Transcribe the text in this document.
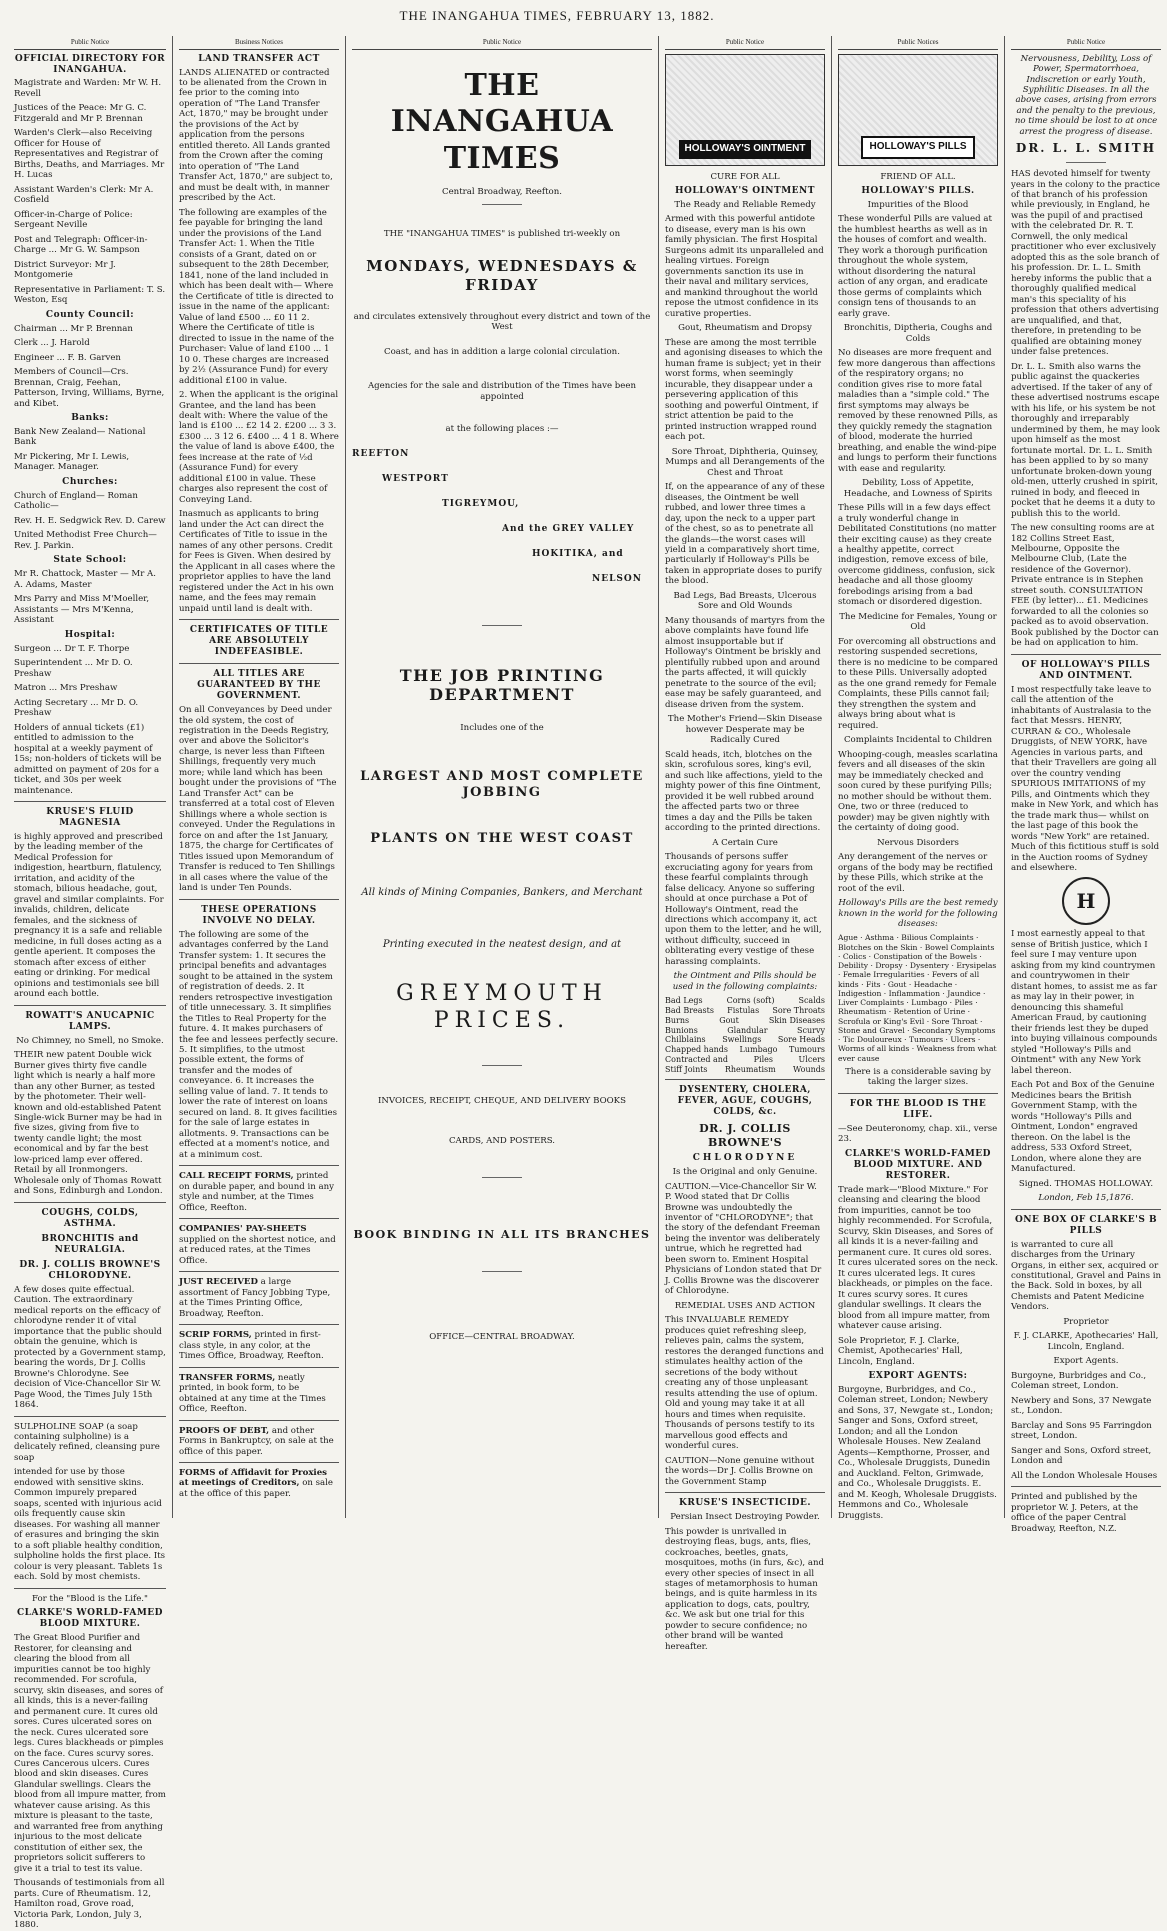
THE INANGAHUA TIMES, FEBRUARY 13, 1882.
Public Notice
OFFICIAL DIRECTORY FOR INANGAHUA.

Magistrate and Warden: Mr W. H. Revell

Justices of the Peace: Mr G. C. Fitzgerald and Mr P. Brennan

Warden's Clerk—also Receiving Officer for House of Representatives and Registrar of Births, Deaths, and Marriages. Mr H. Lucas

Assistant Warden's Clerk: Mr A. Cosfield

Officer-in-Charge of Police: Sergeant Neville

Post and Telegraph: Officer-in-Charge ... Mr G. W. Sampson

District Surveyor: Mr J. Montgomerie

Representative in Parliament: T. S. Weston, Esq

County Council:

Chairman ... Mr P. Brennan

Clerk ... J. Harold

Engineer ... F. B. Garven

Members of Council—Crs. Brennan, Craig, Feehan, Patterson, Irving, Williams, Byrne, and Kibet.

Banks:

Bank New Zealand— National Bank

Mr Pickering, Mr I. Lewis, Manager. Manager.

Churches:

Church of England— Roman Catholic—

Rev. H. E. Sedgwick Rev. D. Carew

United Methodist Free Church— Rev. J. Parkin.

State School:

Mr R. Chattock, Master — Mr A. A. Adams, Master

Mrs Parry and Miss M'Moeller, Assistants — Mrs M'Kenna, Assistant

Hospital:

Surgeon ... Dr T. F. Thorpe

Superintendent ... Mr D. O. Preshaw

Matron ... Mrs Preshaw

Acting Secretary ... Mr D. O. Preshaw

Holders of annual tickets (£1) entitled to admission to the hospital at a weekly payment of 15s; non-holders of tickets will be admitted on payment of 20s for a ticket, and 30s per week maintenance.

KRUSE'S FLUID MAGNESIA

is highly approved and prescribed by the leading member of the Medical Profession for indigestion, heartburn, flatulency, irritation, and acidity of the stomach, bilious headache, gout, gravel and similar complaints. For invalids, children, delicate females, and the sickness of pregnancy it is a safe and reliable medicine, in full doses acting as a gentle aperient. It composes the stomach after excess of either eating or drinking. For medical opinions and testimonials see bill around each bottle.

ROWATT'S ANUCAPNIC LAMPS.

No Chimney, no Smell, no Smoke.

THEIR new patent Double wick Burner gives thirty five candle light which is nearly a half more than any other Burner, as tested by the photometer. Their well-known and old-established Patent Single-wick Burner may be had in five sizes, giving from five to twenty candle light; the most economical and by far the best low-priced lamp ever offered. Retail by all Ironmongers. Wholesale only of Thomas Rowatt and Sons, Edinburgh and London.

COUGHS, COLDS, ASTHMA.
BRONCHITIS and NEURALGIA.
DR. J. COLLIS BROWNE'S CHLORODYNE.

A few doses quite effectual. Caution. The extraordinary medical reports on the efficacy of chlorodyne render it of vital importance that the public should obtain the genuine, which is protected by a Government stamp, bearing the words, Dr J. Collis Browne's Chlorodyne. See decision of Vice-Chancellor Sir W. Page Wood, the Times July 15th 1864.

SULPHOLINE SOAP (a soap containing sulpholine) is a delicately refined, cleansing pure soap

intended for use by those endowed with sensitive skins. Common impurely prepared soaps, scented with injurious acid oils frequently cause skin diseases. For washing all manner of erasures and bringing the skin to a soft pliable healthy condition, sulpholine holds the first place. Its colour is very pleasant. Tablets 1s each. Sold by most chemists.

For the "Blood is the Life."

CLARKE'S WORLD-FAMED BLOOD MIXTURE.

The Great Blood Purifier and Restorer, for cleansing and clearing the blood from all impurities cannot be too highly recommended. For scrofula, scurvy, skin diseases, and sores of all kinds, this is a never-failing and permanent cure. It cures old sores. Cures ulcerated sores on the neck. Cures ulcerated sore legs. Cures blackheads or pimples on the face. Cures scurvy sores. Cures Cancerous ulcers. Cures blood and skin diseases. Cures Glandular swellings. Clears the blood from all impure matter, from whatever cause arising. As this mixture is pleasant to the taste, and warranted free from anything injurious to the most delicate constitution of either sex, the proprietors solicit sufferers to give it a trial to test its value.

Thousands of testimonials from all parts. Cure of Rheumatism. 12, Hamilton road, Grove road, Victoria Park, London, July 3, 1880.

Business Notices
LAND TRANSFER ACT

LANDS ALIENATED or contracted to be alienated from the Crown in fee prior to the coming into operation of "The Land Transfer Act, 1870," may be brought under the provisions of the Act by application from the persons entitled thereto. All Lands granted from the Crown after the coming into operation of "The Land Transfer Act, 1870," are subject to, and must be dealt with, in manner prescribed by the Act.

The following are examples of the fee payable for bringing the land under the provisions of the Land Transfer Act: 1. When the Title consists of a Grant, dated on or subsequent to the 28th December, 1841, none of the land included in which has been dealt with— Where the Certificate of title is directed to issue in the name of the applicant: Value of land £500 ... £0 11 2. Where the Certificate of title is directed to issue in the name of the Purchaser: Value of land £100 ... 1 10 0. These charges are increased by 2½ (Assurance Fund) for every additional £100 in value.

2. When the applicant is the original Grantee, and the land has been dealt with: Where the value of the land is £100 ... £2 14 2. £200 ... 3 3. £300 ... 3 12 6. £400 ... 4 1 8. Where the value of land is above £400, the fees increase at the rate of ½d (Assurance Fund) for every additional £100 in value. These charges also represent the cost of Conveying Land.

Inasmuch as applicants to bring land under the Act can direct the Certificates of Title to issue in the names of any other persons. Credit for Fees is Given. When desired by the Applicant in all cases where the proprietor applies to have the land registered under the Act in his own name, and the fees may remain unpaid until land is dealt with.

CERTIFICATES OF TITLE ARE ABSOLUTELY INDEFEASIBLE.
ALL TITLES ARE GUARANTEED BY THE GOVERNMENT.

On all Conveyances by Deed under the old system, the cost of registration in the Deeds Registry, over and above the Solicitor's charge, is never less than Fifteen Shillings, frequently very much more; while land which has been bought under the provisions of "The Land Transfer Act" can be transferred at a total cost of Eleven Shillings where a whole section is conveyed. Under the Regulations in force on and after the 1st January, 1875, the charge for Certificates of Titles issued upon Memorandum of Transfer is reduced to Ten Shillings in all cases where the value of the land is under Ten Pounds.

THESE OPERATIONS INVOLVE NO DELAY.

The following are some of the advantages conferred by the Land Transfer system: 1. It secures the principal benefits and advantages sought to be attained in the system of registration of deeds. 2. It renders retrospective investigation of title unnecessary. 3. It simplifies the Titles to Real Property for the future. 4. It makes purchasers of the fee and lessees perfectly secure. 5. It simplifies, to the utmost possible extent, the forms of transfer and the modes of conveyance. 6. It increases the selling value of land. 7. It tends to lower the rate of interest on loans secured on land. 8. It gives facilities for the sale of large estates in allotments. 9. Transactions can be effected at a moment's notice, and at a minimum cost.

CALL RECEIPT FORMS, printed on durable paper, and bound in any style and number, at the Times Office, Reefton.

COMPANIES' PAY-SHEETS supplied on the shortest notice, and at reduced rates, at the Times Office.

JUST RECEIVED a large assortment of Fancy Jobbing Type, at the Times Printing Office, Broadway, Reefton.

SCRIP FORMS, printed in first-class style, in any color, at the Times Office, Broadway, Reefton.

TRANSFER FORMS, neatly printed, in book form, to be obtained at any time at the Times Office, Reefton.

PROOFS OF DEBT, and other Forms in Bankruptcy, on sale at the office of this paper.

FORMS of Affidavit for Proxies at meetings of Creditors, on sale at the office of this paper.

Public Notice
THE INANGAHUA TIMES

Central Broadway, Reefton.

THE "INANGAHUA TIMES" is published tri-weekly on

MONDAYS, WEDNESDAYS & FRIDAY

and circulates extensively throughout every district and town of the West

Coast, and has in addition a large colonial circulation.

Agencies for the sale and distribution of the Times have been appointed

at the following places :—

REEFTON
WESTPORT
TIGREYMOU,
And the GREY VALLEY
HOKITIKA, and
NELSON
THE JOB PRINTING DEPARTMENT

Includes one of the

LARGEST AND MOST COMPLETE JOBBING
PLANTS ON THE WEST COAST

All kinds of Mining Companies, Bankers, and Merchant

Printing executed in the neatest design, and at

GREYMOUTH PRICES.

INVOICES, RECEIPT, CHEQUE, AND DELIVERY BOOKS

CARDS, AND POSTERS.

BOOK BINDING IN ALL ITS BRANCHES

OFFICE—CENTRAL BROADWAY.

Public Notice
HOLLOWAY'S OINTMENT

CURE FOR ALL

HOLLOWAY'S OINTMENT

The Ready and Reliable Remedy

Armed with this powerful antidote to disease, every man is his own family physician. The first Hospital Surgeons admit its unparalleled and healing virtues. Foreign governments sanction its use in their naval and military services, and mankind throughout the world repose the utmost confidence in its curative properties.

Gout, Rheumatism and Dropsy

These are among the most terrible and agonising diseases to which the human frame is subject; yet in their worst forms, when seemingly incurable, they disappear under a persevering application of this soothing and powerful Ointment, if strict attention be paid to the printed instruction wrapped round each pot.

Sore Throat, Diphtheria, Quinsey, Mumps and all Derangements of the Chest and Throat

If, on the appearance of any of these diseases, the Ointment be well rubbed, and lower three times a day, upon the neck to a upper part of the chest, so as to penetrate all the glands—the worst cases will yield in a comparatively short time, particularly if Holloway's Pills be taken in appropriate doses to purify the blood.

Bad Legs, Bad Breasts, Ulcerous Sore and Old Wounds

Many thousands of martyrs from the above complaints have found life almost insupportable but if Holloway's Ointment be briskly and plentifully rubbed upon and around the parts affected, it will quickly penetrate to the source of the evil; ease may be safely guaranteed, and disease driven from the system.

The Mother's Friend—Skin Disease however Desperate may be Radically Cured

Scald heads, itch, blotches on the skin, scrofulous sores, king's evil, and such like affections, yield to the mighty power of this fine Ointment, provided it be well rubbed around the affected parts two or three times a day and the Pills be taken according to the printed directions.

A Certain Cure

Thousands of persons suffer excruciating agony for years from these fearful complaints through false delicacy. Anyone so suffering should at once purchase a Pot of Holloway's Ointment, read the directions which accompany it, act upon them to the letter, and he will, without difficulty, succeed in obliterating every vestige of these harassing complaints.

the Ointment and Pills should be used in the following complaints:

Bad Legs	Corns (soft)	Scalds
Bad Breasts Fistulas Sore Throats
Burns	Gout	Skin Diseases
Bunions	Glandular	Scurvy
Chilblains Swellings Sore Heads
Chapped hands Lumbago Tumours
Contracted and	Piles	Ulcers
Stiff Joints Rheumatism Wounds
DYSENTERY, CHOLERA, FEVER, AGUE, COUGHS, COLDS, &c.
DR. J. COLLIS BROWNE'S
CHLORODYNE

Is the Original and only Genuine.

CAUTION.—Vice-Chancellor Sir W. P. Wood stated that Dr Collis Browne was undoubtedly the inventor of "CHLORODYNE"; that the story of the defendant Freeman being the inventor was deliberately untrue, which he regretted had been sworn to. Eminent Hospital Physicians of London stated that Dr J. Collis Browne was the discoverer of Chlorodyne.

REMEDIAL USES AND ACTION

This INVALUABLE REMEDY produces quiet refreshing sleep, relieves pain, calms the system, restores the deranged functions and stimulates healthy action of the secretions of the body without creating any of those unpleasant results attending the use of opium. Old and young may take it at all hours and times when requisite. Thousands of persons testify to its marvellous good effects and wonderful cures.

CAUTION—None genuine without the words—Dr J. Collis Browne on the Government Stamp

KRUSE'S INSECTICIDE.

Persian Insect Destroying Powder.

This powder is unrivalled in destroying fleas, bugs, ants, flies, cockroaches, beetles, gnats, mosquitoes, moths (in furs, &c), and every other species of insect in all stages of metamorphosis to human beings, and is quite harmless in its application to dogs, cats, poultry, &c. We ask but one trial for this powder to secure confidence; no other brand will be wanted hereafter.

Public Notices
HOLLOWAY'S PILLS

FRIEND OF ALL.

HOLLOWAY'S PILLS.

Impurities of the Blood

These wonderful Pills are valued at the humblest hearths as well as in the houses of comfort and wealth. They work a thorough purification throughout the whole system, without disordering the natural action of any organ, and eradicate those germs of complaints which consign tens of thousands to an early grave.

Bronchitis, Diptheria, Coughs and Colds

No diseases are more frequent and few more dangerous than affections of the respiratory organs; no condition gives rise to more fatal maladies than a "simple cold." The first symptoms may always be removed by these renowned Pills, as they quickly remedy the stagnation of blood, moderate the hurried breathing, and enable the wind-pipe and lungs to perform their functions with ease and regularity.

Debility, Loss of Appetite, Headache, and Lowness of Spirits

These Pills will in a few days effect a truly wonderful change in Debilitated Constitutions (no matter their exciting cause) as they create a healthy appetite, correct indigestion, remove excess of bile, overcome giddiness, confusion, sick headache and all those gloomy forebodings arising from a bad stomach or disordered digestion.

The Medicine for Females, Young or Old

For overcoming all obstructions and restoring suspended secretions, there is no medicine to be compared to these Pills. Universally adopted as the one grand remedy for Female Complaints, these Pills cannot fail; they strengthen the system and always bring about what is required.

Complaints Incidental to Children

Whooping-cough, measles scarlatina fevers and all diseases of the skin may be immediately checked and soon cured by these purifying Pills; no mother should be without them. One, two or three (reduced to powder) may be given nightly with the certainty of doing good.

Nervous Disorders

Any derangement of the nerves or organs of the body may be rectified by these Pills, which strike at the root of the evil.

Holloway's Pills are the best remedy known in the world for the following diseases:

Ague · Asthma · Bilious Complaints · Blotches on the Skin · Bowel Complaints · Colics · Constipation of the Bowels · Debility · Dropsy · Dysentery · Erysipelas · Female Irregularities · Fevers of all kinds · Fits · Gout · Headache · Indigestion · Inflammation · Jaundice · Liver Complaints · Lumbago · Piles · Rheumatism · Retention of Urine · Scrofula or King's Evil · Sore Throat · Stone and Gravel · Secondary Symptoms · Tic Douloureux · Tumours · Ulcers · Worms of all kinds · Weakness from what ever cause

There is a considerable saving by taking the larger sizes.

FOR THE BLOOD IS THE LIFE.

—See Deuteronomy, chap. xii., verse 23.

CLARKE'S WORLD-FAMED BLOOD MIXTURE. AND RESTORER.

Trade mark—"Blood Mixture." For cleansing and clearing the blood from impurities, cannot be too highly recommended. For Scrofula, Scurvy, Skin Diseases, and Sores of all kinds it is a never-failing and permanent cure. It cures old sores. It cures ulcerated sores on the neck. It cures ulcerated legs. It cures blackheads, or pimples on the face. It cures scurvy sores. It cures glandular swellings. It clears the blood from all impure matter, from whatever cause arising.

Sole Proprietor, F. J. Clarke, Chemist, Apothecaries' Hall, Lincoln, England.

EXPORT AGENTS:

Burgoyne, Burbridges, and Co., Coleman street, London; Newbery and Sons, 37, Newgate st., London; Sanger and Sons, Oxford street, London; and all the London Wholesale Houses. New Zealand Agents—Kempthorne, Prosser, and Co., Wholesale Druggists, Dunedin and Auckland. Felton, Grimwade, and Co., Wholesale Druggists. E. and M. Keogh, Wholesale Druggists. Hemmons and Co., Wholesale Druggists.

Public Notice

Nervousness, Debility, Loss of Power, Spermatorrhoea, Indiscretion or early Youth, Syphilitic Diseases. In all the above cases, arising from errors and the penalty to the previous, no time should be lost to at once arrest the progress of disease.

DR. L. L. SMITH

HAS devoted himself for twenty years in the colony to the practice of that branch of his profession while previously, in England, he was the pupil of and practised with the celebrated Dr. R. T. Cornwell, the only medical practitioner who ever exclusively adopted this as the sole branch of his profession. Dr. L. L. Smith hereby informs the public that a thoroughly qualified medical man's this speciality of his profession that others advertising are unqualified, and that, therefore, in pretending to be qualified are obtaining money under false pretences.

Dr. L. L. Smith also warns the public against the quackeries advertised. If the taker of any of these advertised nostrums escape with his life, or his system be not thoroughly and irreparably undermined by them, he may look upon himself as the most fortunate mortal. Dr. L. L. Smith has been applied to by so many unfortunate broken-down young old-men, utterly crushed in spirit, ruined in body, and fleeced in pocket that he deems it a duty to publish this to the world.

The new consulting rooms are at 182 Collins Street East, Melbourne, Opposite the Melbourne Club, (Late the residence of the Governor). Private entrance is in Stephen street south. CONSULTATION FEE (by letter)... £1. Medicines forwarded to all the colonies so packed as to avoid observation. Book published by the Doctor can be had on application to him.

OF HOLLOWAY'S PILLS AND OINTMENT.

I most respectfully take leave to call the attention of the inhabitants of Australasia to the fact that Messrs. HENRY, CURRAN & CO., Wholesale Druggists, of NEW YORK, have Agencies in various parts, and that their Travellers are going all over the country vending SPURIOUS IMITATIONS of my Pills, and Ointments which they make in New York, and which has the trade mark thus— whilst on the last page of this book the words "New York" are retained. Much of this fictitious stuff is sold in the Auction rooms of Sydney and elsewhere.

H

I most earnestly appeal to that sense of British justice, which I feel sure I may venture upon asking from my kind countrymen and countrywomen in their distant homes, to assist me as far as may lay in their power, in denouncing this shameful American Fraud, by cautioning their friends lest they be duped into buying villainous compounds styled "Holloway's Pills and Ointment" with any New York label thereon.

Each Pot and Box of the Genuine Medicines bears the British Government Stamp, with the words "Holloway's Pills and Ointment, London" engraved thereon. On the label is the address, 533 Oxford Street, London, where alone they are Manufactured.

Signed. THOMAS HOLLOWAY.

London, Feb 15,1876.

ONE BOX OF CLARKE'S B PILLS

is warranted to cure all discharges from the Urinary Organs, in either sex, acquired or constitutional, Gravel and Pains in the Back. Sold in boxes, by all Chemists and Patent Medicine Vendors.

Proprietor

F. J. CLARKE, Apothecaries' Hall, Lincoln, England.

Export Agents.

Burgoyne, Burbridges and Co., Coleman street, London.

Newbery and Sons, 37 Newgate st., London.

Barclay and Sons 95 Farringdon street, London.

Sanger and Sons, Oxford street, London and

All the London Wholesale Houses

Printed and published by the proprietor W. J. Peters, at the office of the paper Central Broadway, Reefton, N.Z.
